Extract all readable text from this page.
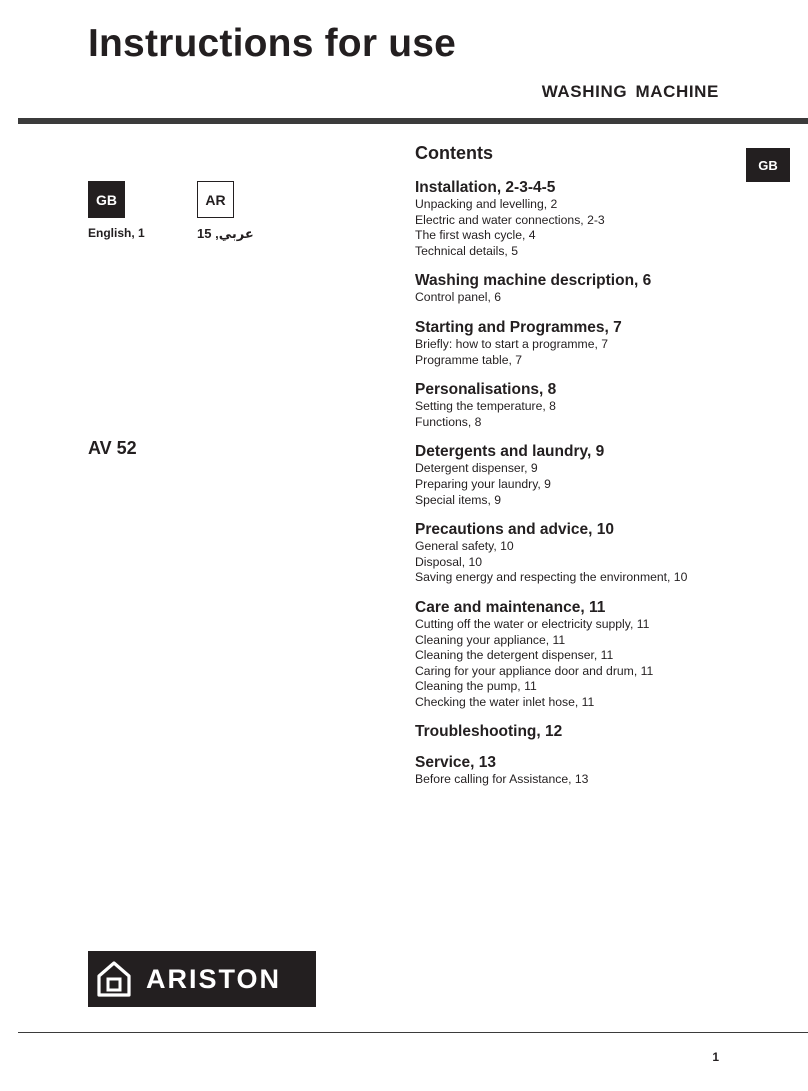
Instructions for use
WASHING MACHINE
GB
GB
English, 1
AR
عربي, 15
AV 52
Contents
Installation, 2-3-4-5
Unpacking and levelling, 2
Electric and water connections, 2-3
The first wash cycle, 4
Technical details, 5
Washing machine description, 6
Control panel, 6
Starting and Programmes, 7
Briefly: how to start a programme, 7
Programme table, 7
Personalisations, 8
Setting the temperature, 8
Functions, 8
Detergents and laundry, 9
Detergent dispenser, 9
Preparing your laundry, 9
Special items, 9
Precautions and advice, 10
General safety, 10
Disposal, 10
Saving energy and respecting the environment, 10
Care and maintenance, 11
Cutting off the water or electricity supply, 11
Cleaning your appliance, 11
Cleaning the detergent dispenser, 11
Caring for your appliance door and drum, 11
Cleaning the pump, 11
Checking the water inlet hose, 11
Troubleshooting, 12
Service, 13
Before calling for Assistance, 13
ARISTON
1
